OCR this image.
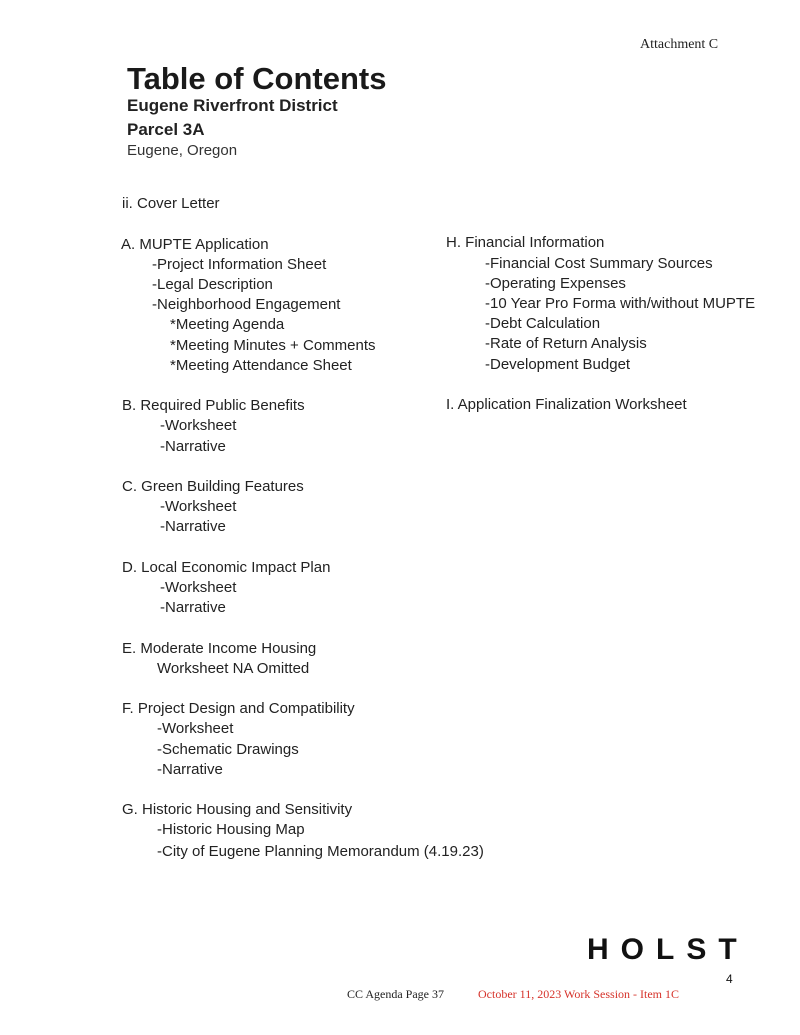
Attachment C
Table of Contents
Eugene Riverfront District
Parcel 3A
Eugene, Oregon
ii. Cover Letter
A. MUPTE Application
-Project Information Sheet
-Legal Description
-Neighborhood Engagement
*Meeting Agenda
*Meeting Minutes + Comments
*Meeting Attendance Sheet
B. Required Public Benefits
-Worksheet
-Narrative
C. Green Building Features
-Worksheet
-Narrative
D. Local Economic Impact Plan
-Worksheet
-Narrative
E. Moderate Income Housing
Worksheet NA Omitted
F. Project Design and Compatibility
-Worksheet
-Schematic Drawings
-Narrative
G. Historic Housing and Sensitivity
-Historic Housing Map
-City of Eugene Planning Memorandum (4.19.23)
H. Financial Information
-Financial Cost Summary Sources
-Operating Expenses
-10 Year Pro Forma with/without MUPTE
-Debt Calculation
-Rate of Return Analysis
-Development Budget
I. Application Finalization Worksheet
HOLST
4
CC Agenda Page 37	October 11, 2023 Work Session - Item 1C
